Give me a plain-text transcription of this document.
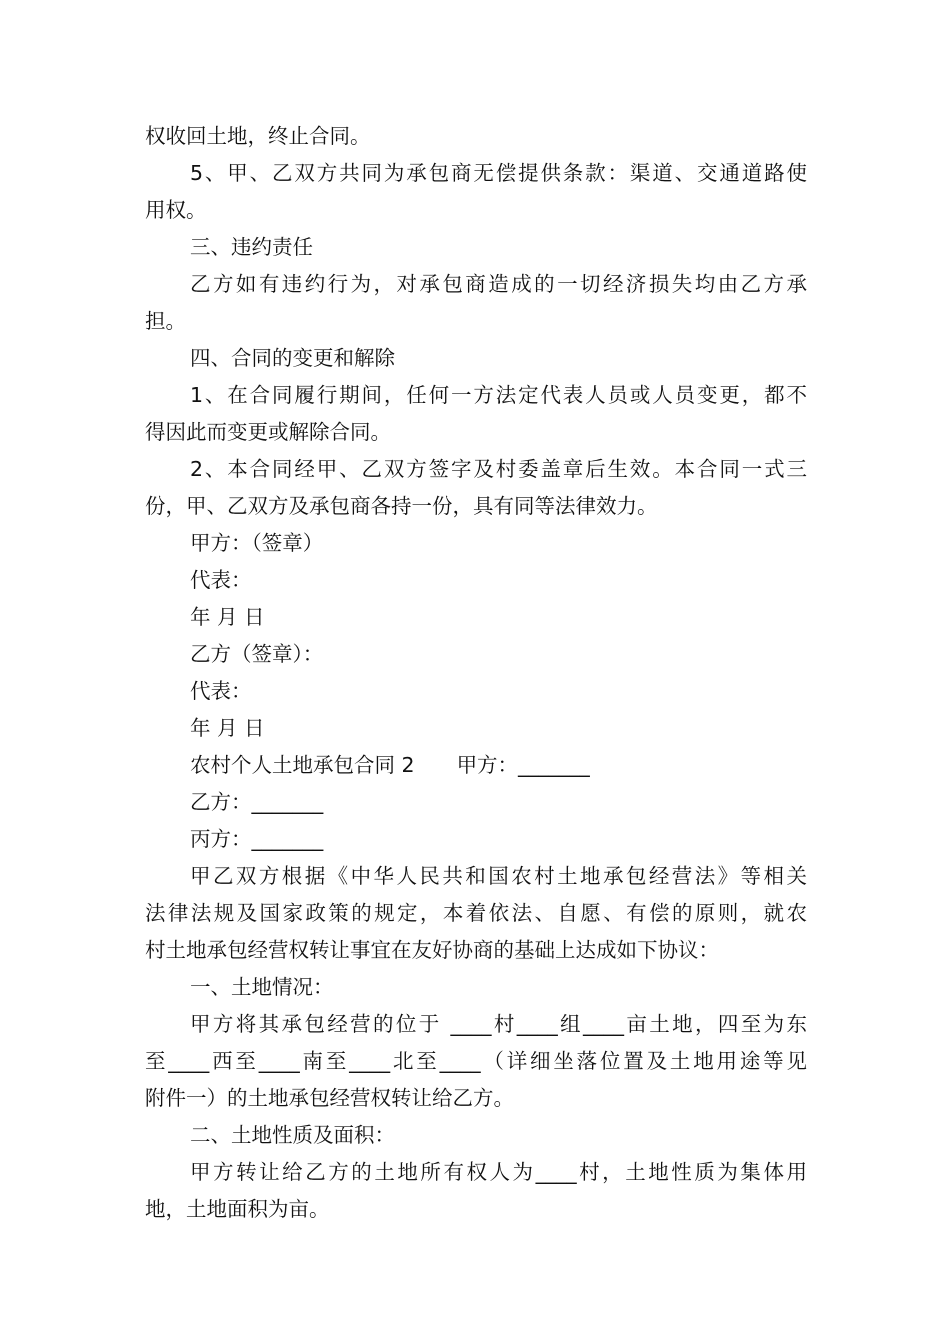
权收回土地，终止合同。
5、甲、乙双方共同为承包商无偿提供条款：渠道、交通道路使
用权。
三、违约责任
乙方如有违约行为，对承包商造成的一切经济损失均由乙方承
担。
四、合同的变更和解除
1、在合同履行期间，任何一方法定代表人员或人员变更，都不
得因此而变更或解除合同。
2、本合同经甲、乙双方签字及村委盖章后生效。本合同一式三
份，甲、乙双方及承包商各持一份，具有同等法律效力。
甲方：（签章）
代表：
年 月 日
乙方（签章）：
代表：
年 月 日
农村个人土地承包合同 2 甲方：_______
乙方：_______
丙方：_______
甲乙双方根据《中华人民共和国农村土地承包经营法》等相关
法律法规及国家政策的规定，本着依法、自愿、有偿的原则，就农
村土地承包经营权转让事宜在友好协商的基础上达成如下协议：
一、土地情况：
甲方将其承包经营的位于 ____村____组____亩土地，四至为东
至____西至____南至____北至____（详细坐落位置及土地用途等见
附件一）的土地承包经营权转让给乙方。
二、土地性质及面积：
甲方转让给乙方的土地所有权人为____村，土地性质为集体用
地，土地面积为亩。
